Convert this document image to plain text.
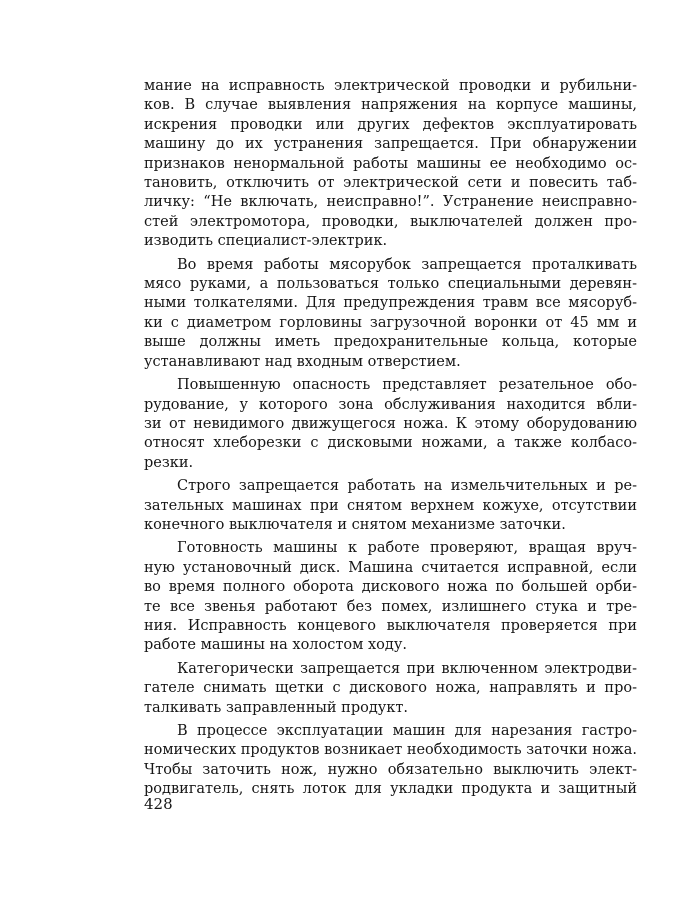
мание на исправность электрической проводки и рубильни-
ков. В случае выявления напряжения на корпусе машины,
искрения проводки или других дефектов эксплуатировать
машину до их устранения запрещается. При обнаружении
признаков ненормальной работы машины ее необходимо ос-
тановить, отключить от электрической сети и повесить таб-
личку: “Не включать, неисправно!”. Устранение неисправно-
стей электромотора, проводки, выключателей должен про-
изводить специалист-электрик.
Во время работы мясорубок запрещается проталкивать
мясо руками, а пользоваться только специальными деревян-
ными толкателями. Для предупреждения травм все мясоруб-
ки с диаметром горловины загрузочной воронки от 45 мм и
выше должны иметь предохранительные кольца, которые
устанавливают над входным отверстием.
Повышенную опасность представляет резательное обо-
рудование, у которого зона обслуживания находится вбли-
зи от невидимого движущегося ножа. К этому оборудованию
относят хлеборезки с дисковыми ножами, а также колбасо-
резки.
Строго запрещается работать на измельчительных и ре-
зательных машинах при снятом верхнем кожухе, отсутствии
конечного выключателя и снятом механизме заточки.
Готовность машины к работе проверяют, вращая вруч-
ную установочный диск. Машина считается исправной, если
во время полного оборота дискового ножа по большей орби-
те все звенья работают без помех, излишнего стука и тре-
ния. Исправность концевого выключателя проверяется при
работе машины на холостом ходу.
Категорически запрещается при включенном электродви-
гателе снимать щетки с дискового ножа, направлять и про-
талкивать заправленный продукт.
В процессе эксплуатации машин для нарезания гастро-
номических продуктов возникает необходимость заточки ножа.
Чтобы заточить нож, нужно обязательно выключить элект-
родвигатель, снять лоток для укладки продукта и защитный
428
